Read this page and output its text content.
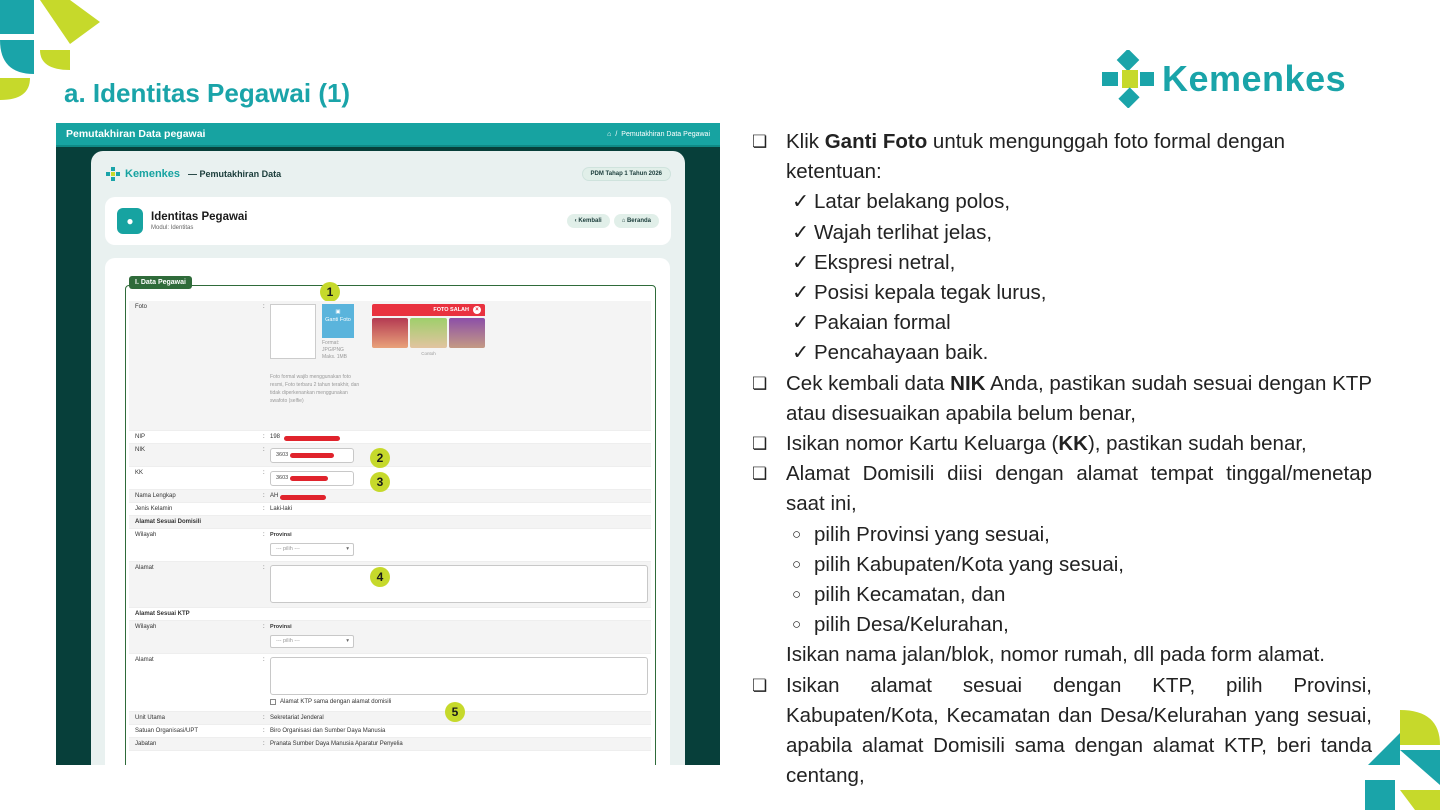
a. Identitas Pegawai (1)	Kemenkes
Pemutakhiran Data pegawai	⌂ / Pemutakhiran Data Pegawai
Kemenkes — Pemutakhiran Data	PDM Tahap 1 Tahun 2026
●	Identitas Pegawai
Modul: Identitas
‹ Kembali	⌂ Beranda
I. Data Pegawai
1
Foto	:
▣
Ganti Foto
Format: JPG/PNG Maks. 1MB
Foto formal wajib menggunakan foto resmi, Foto terbaru 2 tahun terakhir, dan tidak diperkenankan menggunakan swafoto (selfie)
FOTO SALAH	×
Contoh
NIP	: 198
NIK	:
3603
KK	:
3603
Nama Lengkap	: AH
Jenis Kelamin	: Laki-laki
Alamat Sesuai Domisili
Wilayah	: Provinsi
--- pilih ---	▾
Alamat	:
Alamat Sesuai KTP
Wilayah	: Provinsi
--- pilih ---	▾
Alamat	:
Alamat KTP sama dengan alamat domisili
Unit Utama	: Sekretariat Jenderal
Satuan Organisasi/UPT	: Biro Organisasi dan Sumber Daya Manusia
Jabatan	: Pranata Sumber Daya Manusia Aparatur Penyelia
2
3
4
5
❏ Klik Ganti Foto untuk mengunggah foto formal dengan
ketentuan:
✓ Latar belakang polos,
✓ Wajah terlihat jelas,
✓ Ekspresi netral,
✓ Posisi kepala tegak lurus,
✓ Pakaian formal
✓ Pencahayaan baik.
❏ Cek kembali data NIK Anda, pastikan sudah sesuai dengan KTP atau disesuaikan apabila belum benar,
❏ Isikan nomor Kartu Keluarga (KK), pastikan sudah benar,
❏ Alamat Domisili diisi dengan alamat tempat tinggal/menetap saat ini,
○ pilih Provinsi yang sesuai,
○ pilih Kabupaten/Kota yang sesuai,
○ pilih Kecamatan, dan
○ pilih Desa/Kelurahan,
Isikan nama jalan/blok, nomor rumah, dll pada form alamat.
❏ Isikan alamat sesuai dengan KTP, pilih Provinsi, Kabupaten/Kota, Kecamatan dan Desa/Kelurahan yang sesuai, apabila alamat Domisili sama dengan alamat KTP, beri tanda centang,
